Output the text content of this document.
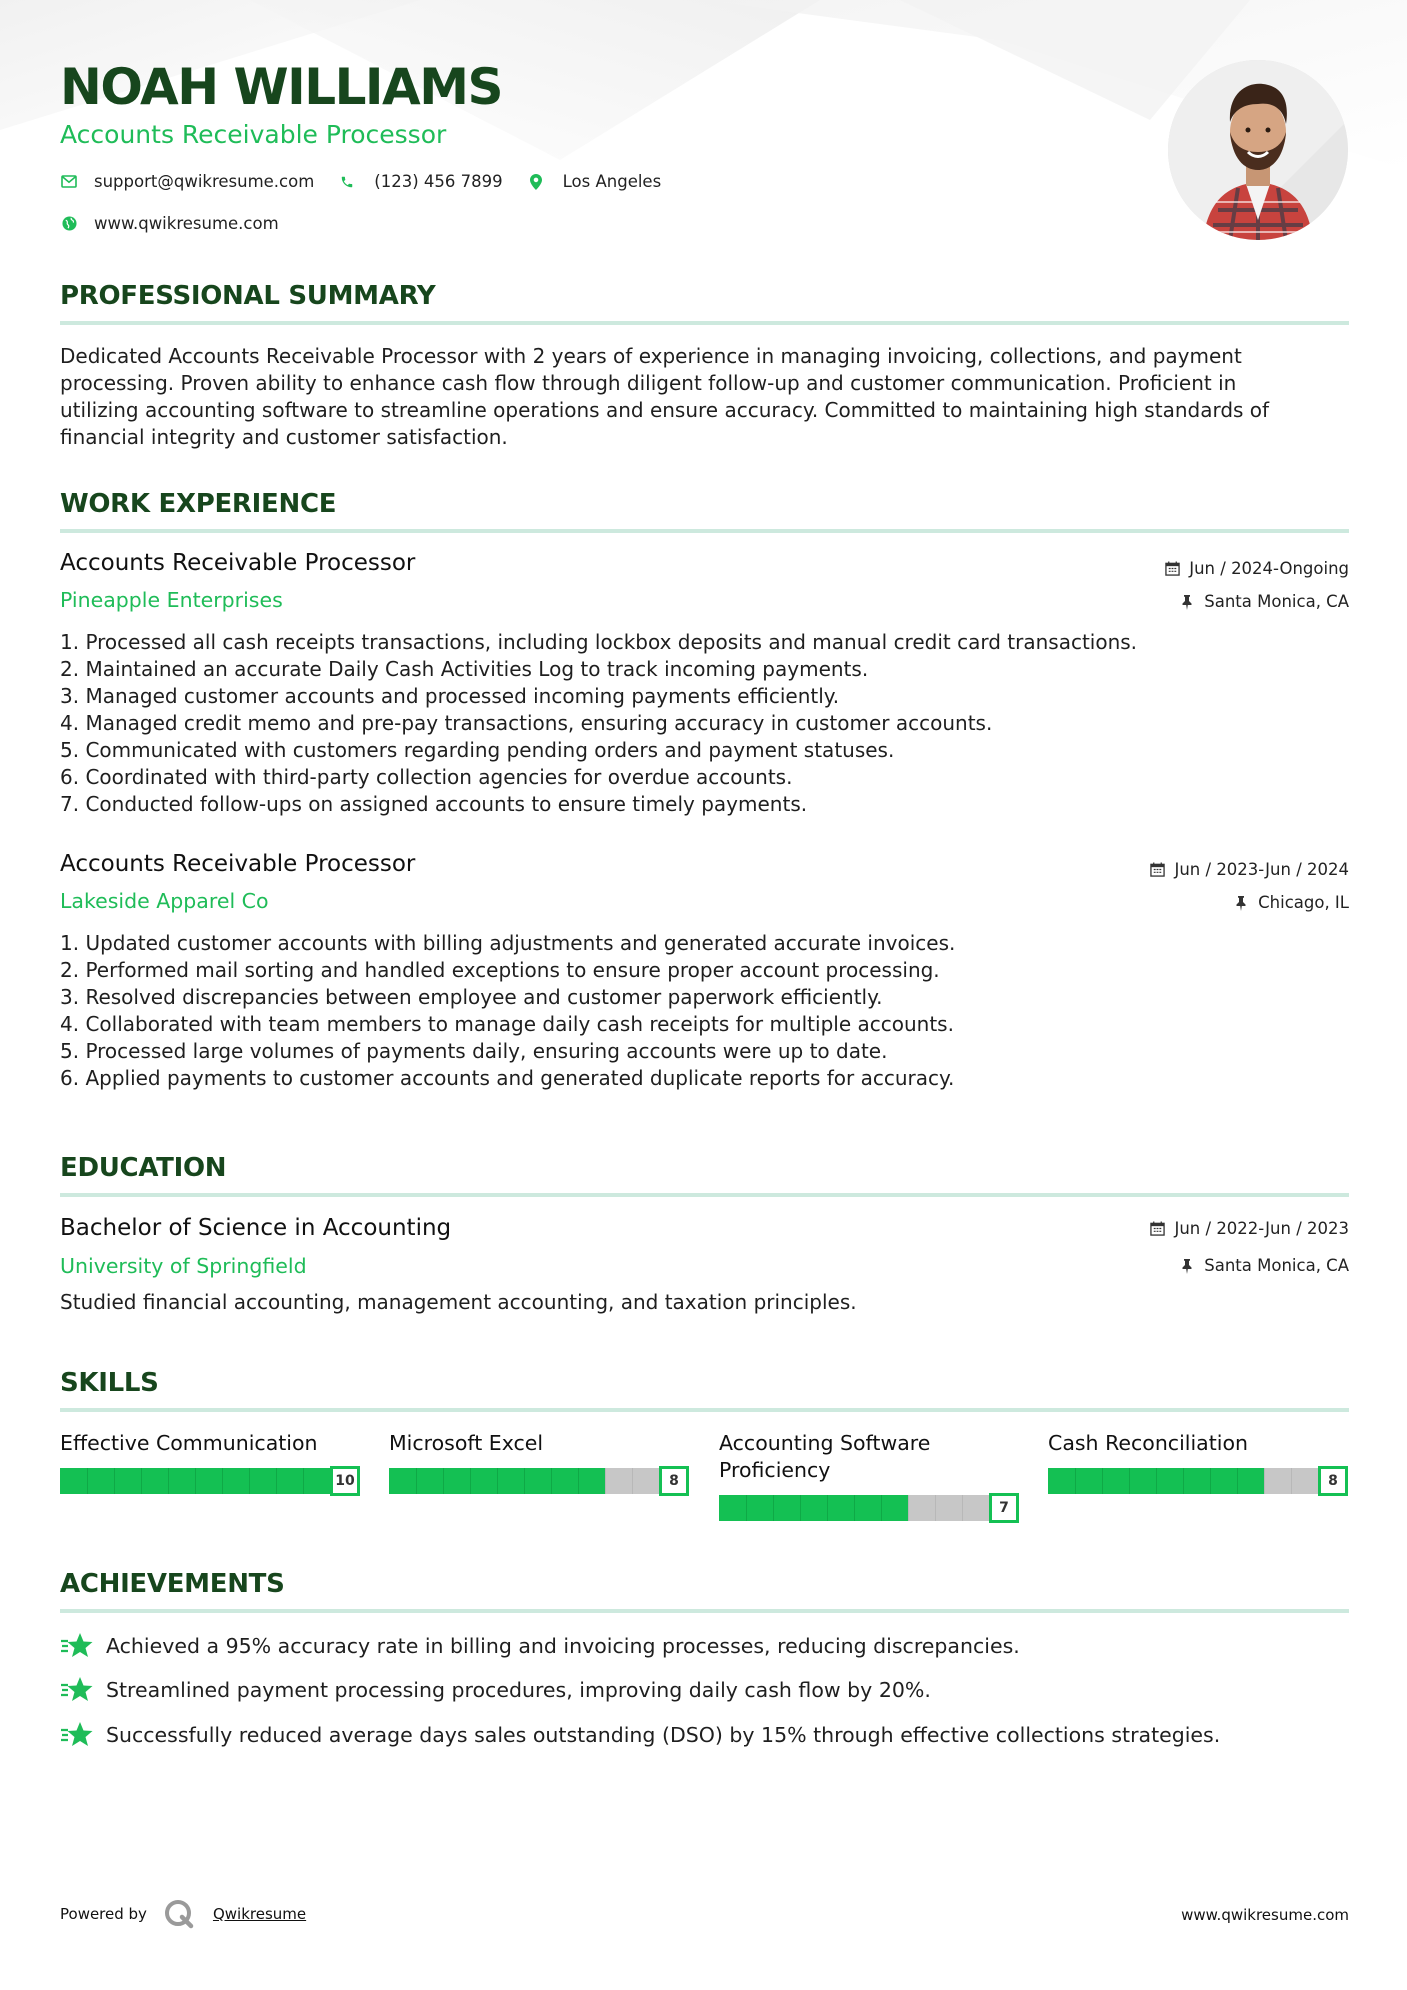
NOAH WILLIAMS
Accounts Receivable Processor
support@qwikresume.com	(123) 456 7899	Los Angeles
www.qwikresume.com
PROFESSIONAL SUMMARY
Dedicated Accounts Receivable Processor with 2 years of experience in managing invoicing, collections, and payment
processing. Proven ability to enhance cash flow through diligent follow-up and customer communication. Proficient in
utilizing accounting software to streamline operations and ensure accuracy. Committed to maintaining high standards of
financial integrity and customer satisfaction.
WORK EXPERIENCE
Accounts Receivable Processor	Jun / 2024-Ongoing
Pineapple Enterprises	Santa Monica, CA
1. Processed all cash receipts transactions, including lockbox deposits and manual credit card transactions.
2. Maintained an accurate Daily Cash Activities Log to track incoming payments.
3. Managed customer accounts and processed incoming payments efficiently.
4. Managed credit memo and pre-pay transactions, ensuring accuracy in customer accounts.
5. Communicated with customers regarding pending orders and payment statuses.
6. Coordinated with third-party collection agencies for overdue accounts.
7. Conducted follow-ups on assigned accounts to ensure timely payments.
Accounts Receivable Processor	Jun / 2023-Jun / 2024
Lakeside Apparel Co	Chicago, IL
1. Updated customer accounts with billing adjustments and generated accurate invoices.
2. Performed mail sorting and handled exceptions to ensure proper account processing.
3. Resolved discrepancies between employee and customer paperwork efficiently.
4. Collaborated with team members to manage daily cash receipts for multiple accounts.
5. Processed large volumes of payments daily, ensuring accounts were up to date.
6. Applied payments to customer accounts and generated duplicate reports for accuracy.
EDUCATION
Bachelor of Science in Accounting	Jun / 2022-Jun / 2023
University of Springfield	Santa Monica, CA
Studied financial accounting, management accounting, and taxation principles.
SKILLS
Effective Communication
10
Microsoft Excel
8
Accounting Software Proficiency
7
Cash Reconciliation
8
ACHIEVEMENTS
Achieved a 95% accuracy rate in billing and invoicing processes, reducing discrepancies.
Streamlined payment processing procedures, improving daily cash flow by 20%.
Successfully reduced average days sales outstanding (DSO) by 15% through effective collections strategies.
Powered by	Qwikresume	www.qwikresume.com
